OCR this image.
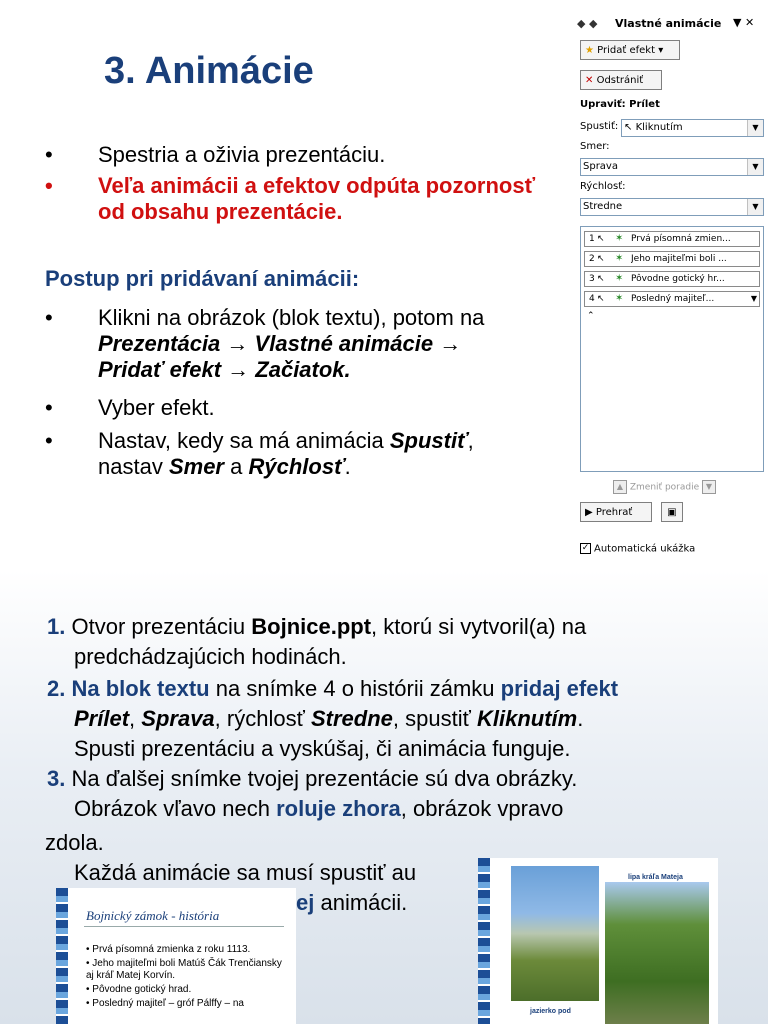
3. Animácie
• Spestria a oživia prezentáciu.
• Veľa animácii a efektov odpúta pozornosť od obsahu prezentácie.
Postup pri pridávaní animácii:
• Klikni na obrázok (blok textu), potom na
Prezentácia → Vlastné animácie →
Pridať efekt → Začiatok.
• Vyber efekt.
• Nastav, kedy sa má animácia Spustiť,
nastav Smer a Rýchlosť.
◆ ◆ Vlastné animácie ▼ ✕
★ Pridať efekt ▾
✕ Odstrániť
Upraviť: Prílet
Spustiť: ↖ Kliknutím	▼
Smer:
Sprava	▼
Rýchlosť:
Stredne	▼
1 ↖ ✶ Prvá písomná zmien...
2 ↖ ✶ Jeho majiteľmi boli ...
3 ↖ ✶ Pôvodne gotický hr...
4 ↖ ✶ Posledný majiteľ...	▼
⌃
▲ Zmeniť poradie ▼
▶ Prehrať	▣
✓ Automatická ukážka
1. Otvor prezentáciu Bojnice.ppt, ktorú si vytvoril(a) na
predchádzajúcich hodinách.
2. Na blok textu na snímke 4 o histórii zámku pridaj efekt
Prílet, Sprava, rýchlosť Stredne, spustiť Kliknutím.
Spusti prezentáciu a vyskúšaj, či animácia funguje.
3. Na ďalšej snímke tvojej prezentácie sú dva obrázky.
Obrázok vľavo nech roluje zhora, obrázok vpravo
zdola.
Každá animácie sa musí spustiť au
ej animácii.
Bojnický zámok - história
• Prvá písomná zmienka z roku 1113.
• Jeho majiteľmi boli Matúš Čák Trenčiansky aj kráľ Matej Korvín.
• Pôvodne gotický hrad.
• Posledný majiteľ – gróf Pálffy – na
lipa kráľa Mateja
jazierko pod
